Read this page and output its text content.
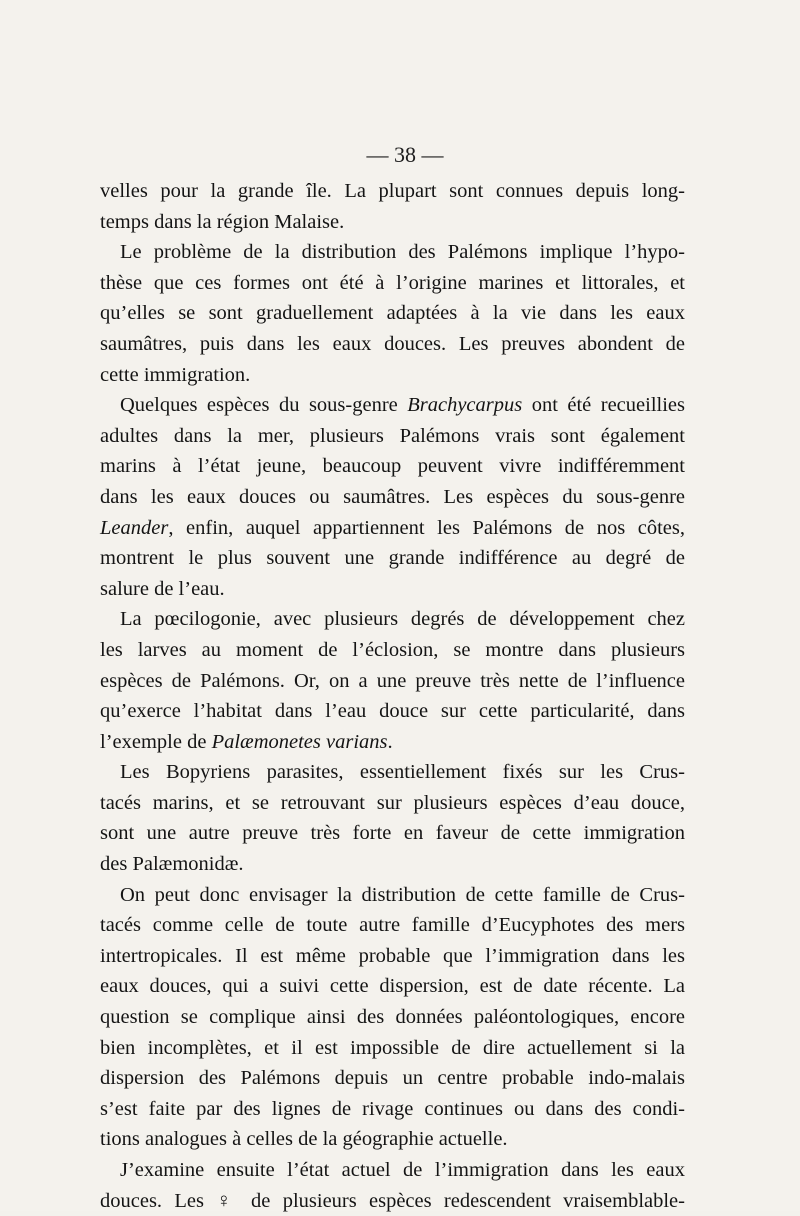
— 38 —
velles pour la grande île. La plupart sont connues depuis long-
temps dans la région Malaise.
Le problème de la distribution des Palémons implique l’hypo-
thèse que ces formes ont été à l’origine marines et littorales, et
qu’elles se sont graduellement adaptées à la vie dans les eaux
saumâtres, puis dans les eaux douces. Les preuves abondent de
cette immigration.
Quelques espèces du sous-genre Brachycarpus ont été recueillies
adultes dans la mer, plusieurs Palémons vrais sont également
marins à l’état jeune, beaucoup peuvent vivre indifféremment
dans les eaux douces ou saumâtres. Les espèces du sous-genre
Leander, enfin, auquel appartiennent les Palémons de nos côtes,
montrent le plus souvent une grande indifférence au degré de
salure de l’eau.
La pœcilogonie, avec plusieurs degrés de développement chez
les larves au moment de l’éclosion, se montre dans plusieurs
espèces de Palémons. Or, on a une preuve très nette de l’influence
qu’exerce l’habitat dans l’eau douce sur cette particularité, dans
l’exemple de Palæmonetes varians.
Les Bopyriens parasites, essentiellement fixés sur les Crus-
tacés marins, et se retrouvant sur plusieurs espèces d’eau douce,
sont une autre preuve très forte en faveur de cette immigration
des Palæmonidæ.
On peut donc envisager la distribution de cette famille de Crus-
tacés comme celle de toute autre famille d’Eucyphotes des mers
intertropicales. Il est même probable que l’immigration dans les
eaux douces, qui a suivi cette dispersion, est de date récente. La
question se complique ainsi des données paléontologiques, encore
bien incomplètes, et il est impossible de dire actuellement si la
dispersion des Palémons depuis un centre probable indo-malais
s’est faite par des lignes de rivage continues ou dans des condi-
tions analogues à celles de la géographie actuelle.
J’examine ensuite l’état actuel de l’immigration dans les eaux
douces. Les ♀ de plusieurs espèces redescendent vraisemblable-
